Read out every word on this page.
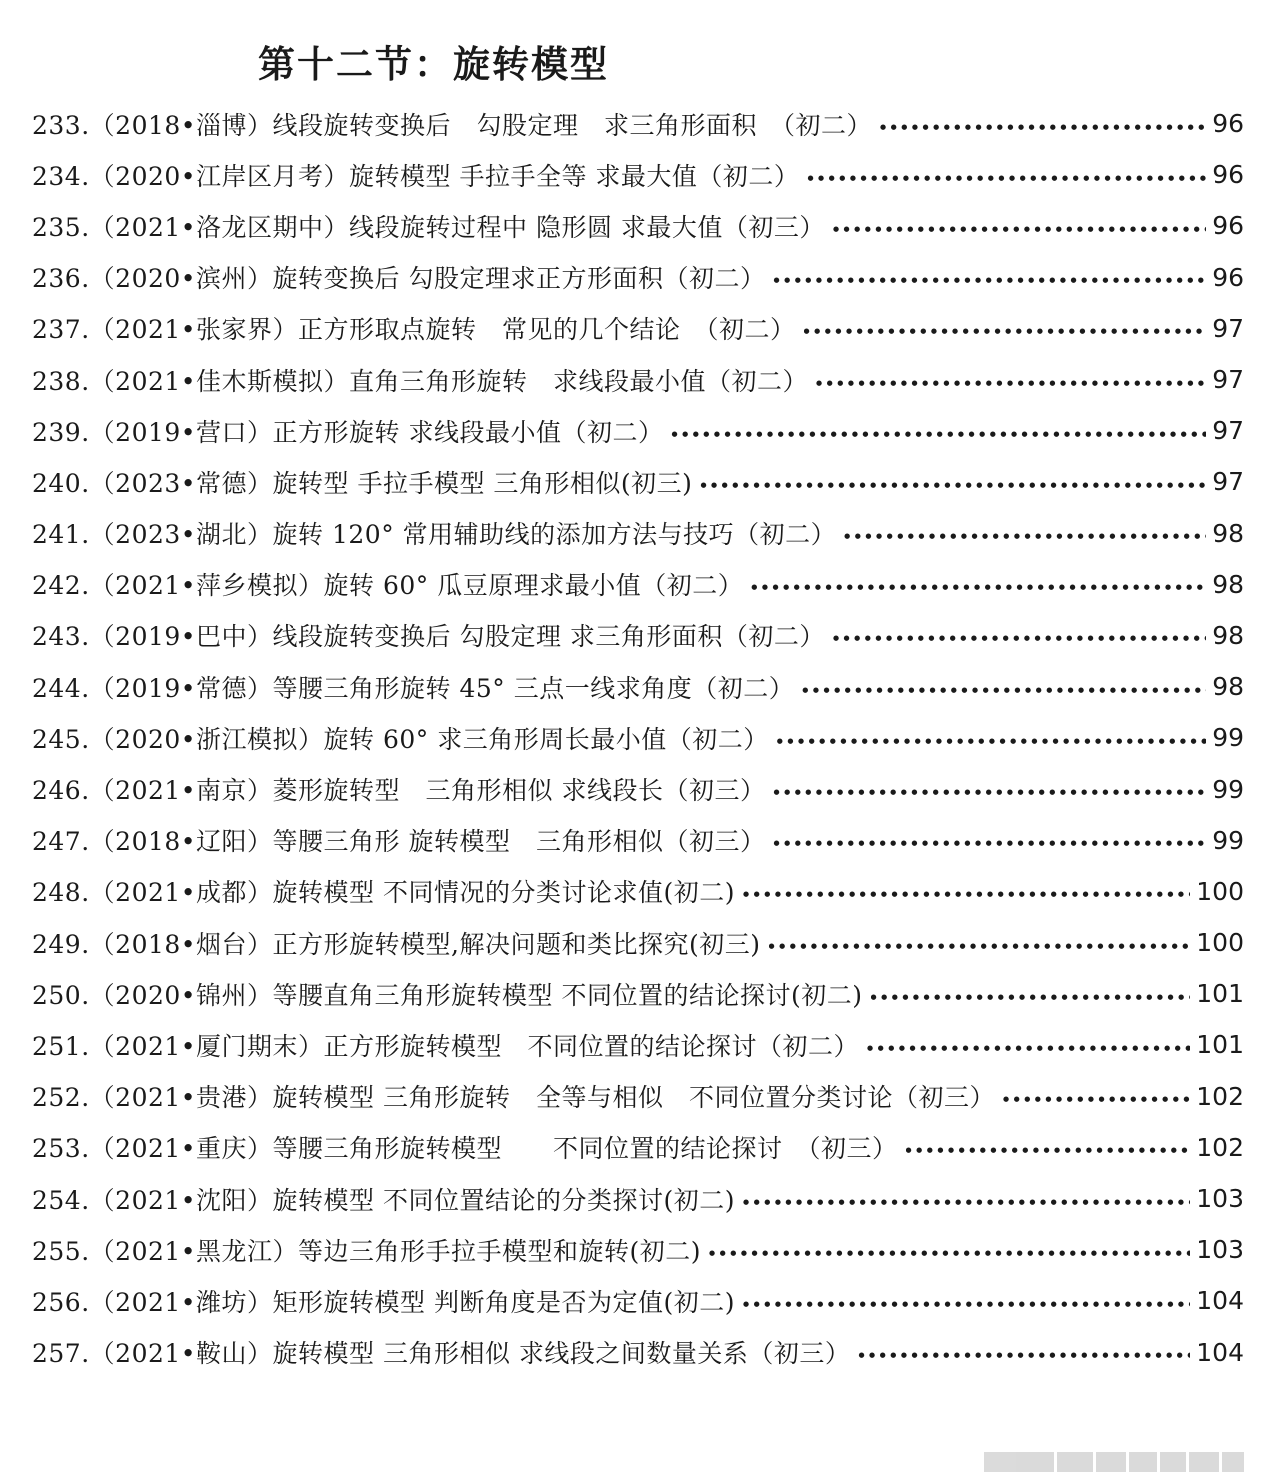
第十二节：旋转模型
233.（2018•淄博）线段旋转变换后　勾股定理　求三角形面积　（初二） ●●●●●●●●●●●●●●●●●●●●●●●●●●●●●●●●●●●●●●●●●●●●●●●●●●●●●●●●●●●●●●●●●●●●●●●●●●●●●●●●●●●●●●●●●●●●●●●●●●●●	96
234.（2020•江岸区月考）旋转模型 手拉手全等 求最大值（初二） ●●●●●●●●●●●●●●●●●●●●●●●●●●●●●●●●●●●●●●●●●●●●●●●●●●●●●●●●●●●●●●●●●●●●●●●●●●●●●●●●●●●●●●●●●●●●●●●●●●●●	96
235.（2021•洛龙区期中）线段旋转过程中 隐形圆 求最大值（初三） ●●●●●●●●●●●●●●●●●●●●●●●●●●●●●●●●●●●●●●●●●●●●●●●●●●●●●●●●●●●●●●●●●●●●●●●●●●●●●●●●●●●●●●●●●●●●●●●●●●●●	96
236.（2020•滨州）旋转变换后 勾股定理求正方形面积（初二） ●●●●●●●●●●●●●●●●●●●●●●●●●●●●●●●●●●●●●●●●●●●●●●●●●●●●●●●●●●●●●●●●●●●●●●●●●●●●●●●●●●●●●●●●●●●●●●●●●●●●	96
237.（2021•张家界）正方形取点旋转　常见的几个结论　（初二） ●●●●●●●●●●●●●●●●●●●●●●●●●●●●●●●●●●●●●●●●●●●●●●●●●●●●●●●●●●●●●●●●●●●●●●●●●●●●●●●●●●●●●●●●●●●●●●●●●●●●	97
238.（2021•佳木斯模拟）直角三角形旋转　求线段最小值（初二） ●●●●●●●●●●●●●●●●●●●●●●●●●●●●●●●●●●●●●●●●●●●●●●●●●●●●●●●●●●●●●●●●●●●●●●●●●●●●●●●●●●●●●●●●●●●●●●●●●●●●	97
239.（2019•营口）正方形旋转 求线段最小值（初二） ●●●●●●●●●●●●●●●●●●●●●●●●●●●●●●●●●●●●●●●●●●●●●●●●●●●●●●●●●●●●●●●●●●●●●●●●●●●●●●●●●●●●●●●●●●●●●●●●●●●●	97
240.（2023•常德）旋转型 手拉手模型 三角形相似(初三) ●●●●●●●●●●●●●●●●●●●●●●●●●●●●●●●●●●●●●●●●●●●●●●●●●●●●●●●●●●●●●●●●●●●●●●●●●●●●●●●●●●●●●●●●●●●●●●●●●●●●	97
241.（2023•湖北）旋转 120° 常用辅助线的添加方法与技巧（初二） ●●●●●●●●●●●●●●●●●●●●●●●●●●●●●●●●●●●●●●●●●●●●●●●●●●●●●●●●●●●●●●●●●●●●●●●●●●●●●●●●●●●●●●●●●●●●●●●●●●●●	98
242.（2021•萍乡模拟）旋转 60° 瓜豆原理求最小值（初二） ●●●●●●●●●●●●●●●●●●●●●●●●●●●●●●●●●●●●●●●●●●●●●●●●●●●●●●●●●●●●●●●●●●●●●●●●●●●●●●●●●●●●●●●●●●●●●●●●●●●●	98
243.（2019•巴中）线段旋转变换后 勾股定理 求三角形面积（初二） ●●●●●●●●●●●●●●●●●●●●●●●●●●●●●●●●●●●●●●●●●●●●●●●●●●●●●●●●●●●●●●●●●●●●●●●●●●●●●●●●●●●●●●●●●●●●●●●●●●●●	98
244.（2019•常德）等腰三角形旋转 45° 三点一线求角度（初二） ●●●●●●●●●●●●●●●●●●●●●●●●●●●●●●●●●●●●●●●●●●●●●●●●●●●●●●●●●●●●●●●●●●●●●●●●●●●●●●●●●●●●●●●●●●●●●●●●●●●●	98
245.（2020•浙江模拟）旋转 60° 求三角形周长最小值（初二） ●●●●●●●●●●●●●●●●●●●●●●●●●●●●●●●●●●●●●●●●●●●●●●●●●●●●●●●●●●●●●●●●●●●●●●●●●●●●●●●●●●●●●●●●●●●●●●●●●●●●	99
246.（2021•南京）菱形旋转型　三角形相似 求线段长（初三） ●●●●●●●●●●●●●●●●●●●●●●●●●●●●●●●●●●●●●●●●●●●●●●●●●●●●●●●●●●●●●●●●●●●●●●●●●●●●●●●●●●●●●●●●●●●●●●●●●●●●	99
247.（2018•辽阳）等腰三角形 旋转模型　三角形相似（初三） ●●●●●●●●●●●●●●●●●●●●●●●●●●●●●●●●●●●●●●●●●●●●●●●●●●●●●●●●●●●●●●●●●●●●●●●●●●●●●●●●●●●●●●●●●●●●●●●●●●●●	99
248.（2021•成都）旋转模型 不同情况的分类讨论求值(初二) ●●●●●●●●●●●●●●●●●●●●●●●●●●●●●●●●●●●●●●●●●●●●●●●●●●●●●●●●●●●●●●●●●●●●●●●●●●●●●●●●●●●●●●●●●●●●●●●●●●●●	100
249.（2018•烟台）正方形旋转模型,解决问题和类比探究(初三) ●●●●●●●●●●●●●●●●●●●●●●●●●●●●●●●●●●●●●●●●●●●●●●●●●●●●●●●●●●●●●●●●●●●●●●●●●●●●●●●●●●●●●●●●●●●●●●●●●●●●	100
250.（2020•锦州）等腰直角三角形旋转模型 不同位置的结论探讨(初二) ●●●●●●●●●●●●●●●●●●●●●●●●●●●●●●●●●●●●●●●●●●●●●●●●●●●●●●●●●●●●●●●●●●●●●●●●●●●●●●●●●●●●●●●●●●●●●●●●●●●●	101
251.（2021•厦门期末）正方形旋转模型　不同位置的结论探讨（初二） ●●●●●●●●●●●●●●●●●●●●●●●●●●●●●●●●●●●●●●●●●●●●●●●●●●●●●●●●●●●●●●●●●●●●●●●●●●●●●●●●●●●●●●●●●●●●●●●●●●●●	101
252.（2021•贵港）旋转模型 三角形旋转　全等与相似　不同位置分类讨论（初三） ●●●●●●●●●●●●●●●●●●●●●●●●●●●●●●●●●●●●●●●●●●●●●●●●●●●●●●●●●●●●●●●●●●●●●●●●●●●●●●●●●●●●●●●●●●●●●●●●●●●●	102
253.（2021•重庆）等腰三角形旋转模型　　不同位置的结论探讨　（初三） ●●●●●●●●●●●●●●●●●●●●●●●●●●●●●●●●●●●●●●●●●●●●●●●●●●●●●●●●●●●●●●●●●●●●●●●●●●●●●●●●●●●●●●●●●●●●●●●●●●●●	102
254.（2021•沈阳）旋转模型 不同位置结论的分类探讨(初二) ●●●●●●●●●●●●●●●●●●●●●●●●●●●●●●●●●●●●●●●●●●●●●●●●●●●●●●●●●●●●●●●●●●●●●●●●●●●●●●●●●●●●●●●●●●●●●●●●●●●●	103
255.（2021•黑龙江）等边三角形手拉手模型和旋转(初二) ●●●●●●●●●●●●●●●●●●●●●●●●●●●●●●●●●●●●●●●●●●●●●●●●●●●●●●●●●●●●●●●●●●●●●●●●●●●●●●●●●●●●●●●●●●●●●●●●●●●●	103
256.（2021•潍坊）矩形旋转模型 判断角度是否为定值(初二) ●●●●●●●●●●●●●●●●●●●●●●●●●●●●●●●●●●●●●●●●●●●●●●●●●●●●●●●●●●●●●●●●●●●●●●●●●●●●●●●●●●●●●●●●●●●●●●●●●●●●	104
257.（2021•鞍山）旋转模型 三角形相似 求线段之间数量关系（初三） ●●●●●●●●●●●●●●●●●●●●●●●●●●●●●●●●●●●●●●●●●●●●●●●●●●●●●●●●●●●●●●●●●●●●●●●●●●●●●●●●●●●●●●●●●●●●●●●●●●●●	104
